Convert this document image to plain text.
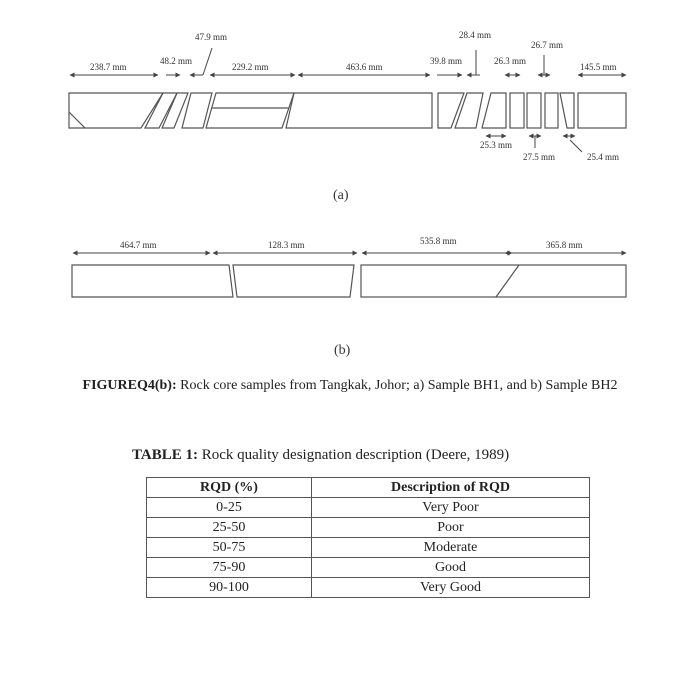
238.7 mm
48.2 mm
47.9 mm
229.2 mm	463.6 mm
39.8 mm
28.4 mm
26.3 mm
26.7 mm
145.5 mm
25.3 mm
27.5 mm	25.4 mm
(a)
464.7 mm	128.3 mm	535.8 mm	365.8 mm
(b)
FIGUREQ4(b): Rock core samples from Tangkak, Johor; a) Sample BH1, and b) Sample BH2
TABLE 1: Rock quality designation description (Deere, 1989)
RQD (%)	Description of RQD
0-25	Very Poor
25-50	Poor
50-75	Moderate
75-90	Good
90-100	Very Good
